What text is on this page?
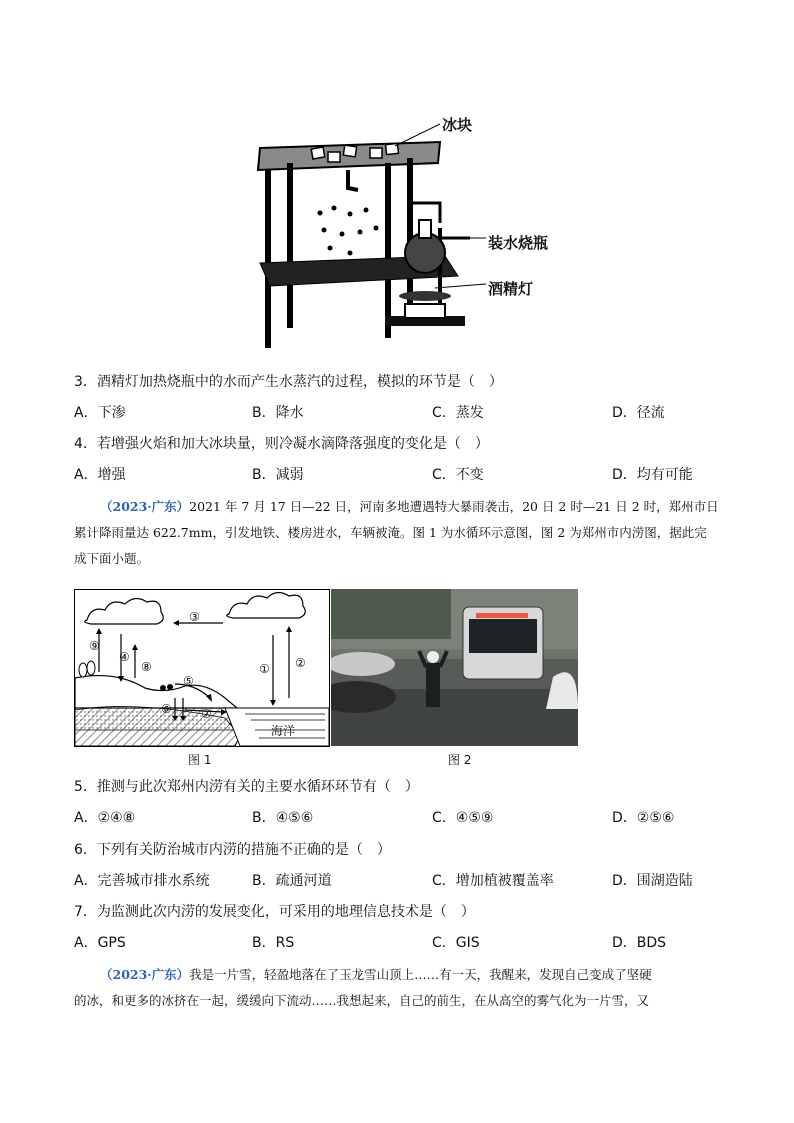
冰块
装水烧瓶
酒精灯
3．酒精灯加热烧瓶中的水而产生水蒸汽的过程，模拟的环节是（　）
A．下渗	B．降水	C．蒸发	D．径流
4．若增强火焰和加大冰块量，则冷凝水滴降落强度的变化是（　）
A．增强	B．减弱	C．不变	D．均有可能
（2023·广东）2021 年 7 月 17 日—22 日，河南多地遭遇特大暴雨袭击，20 日 2 时—21 日 2 时，郑州市日
累计降雨量达 622.7mm，引发地铁、楼房进水，车辆被淹。图 1 为水循环示意图，图 2 为郑州市内涝图，据此完
成下面小题。
③
⑨
④
⑧	① ②
⑤
⑥ ⑦
海洋
图 1	图 2
5．推测与此次郑州内涝有关的主要水循环环节有（　）
A．②④⑧	B．④⑤⑥	C．④⑤⑨	D．②⑤⑥
6．下列有关防治城市内涝的措施不正确的是（　）
A．完善城市排水系统	B．疏通河道	C．增加植被覆盖率	D．围湖造陆
7．为监测此次内涝的发展变化，可采用的地理信息技术是（　）
A．GPS	B．RS	C．GIS	D．BDS
（2023·广东）我是一片雪，轻盈地落在了玉龙雪山顶上……有一天，我醒来，发现自己变成了坚硬
的冰，和更多的冰挤在一起，缓缓向下流动……我想起来，自己的前生，在从高空的雾气化为一片雪，又
